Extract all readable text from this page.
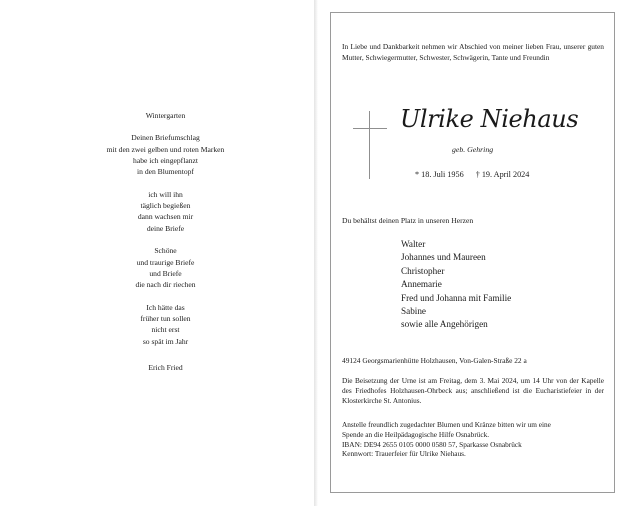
Wintergarten
Deinen Briefumschlag
mit den zwei gelben und roten Marken
habe ich eingepflanzt
in den Blumentopf
ich will ihn
täglich begießen
dann wachsen mir
deine Briefe
Schöne
und traurige Briefe
und Briefe
die nach dir riechen
Ich hätte das
früher tun sollen
nicht erst
so spät im Jahr
Erich Fried
In Liebe und Dankbarkeit nehmen wir Abschied von meiner lieben Frau, unserer guten Mutter, Schwiegermutter, Schwester, Schwägerin, Tante und Freundin
Ulrike Niehaus
geb. Gehring
* 18. Juli 1956 † 19. April 2024
Du behältst deinen Platz in unseren Herzen
Walter
Johannes und Maureen
Christopher
Annemarie
Fred und Johanna mit Familie
Sabine
sowie alle Angehörigen
49124 Georgsmarienhütte Holzhausen, Von-Galen-Straße 22 a
Die Beisetzung der Urne ist am Freitag, dem 3. Mai 2024, um 14 Uhr von der Kapelle des Friedhofes Holzhausen-Ohrbeck aus; anschließend ist die Eucharistiefeier in der Klosterkirche St. Antonius.
Anstelle freundlich zugedachter Blumen und Kränze bitten wir um eine
Spende an die Heilpädagogische Hilfe Osnabrück.
IBAN: DE94 2655 0105 0000 0580 57, Sparkasse Osnabrück
Kennwort: Trauerfeier für Ulrike Niehaus.
